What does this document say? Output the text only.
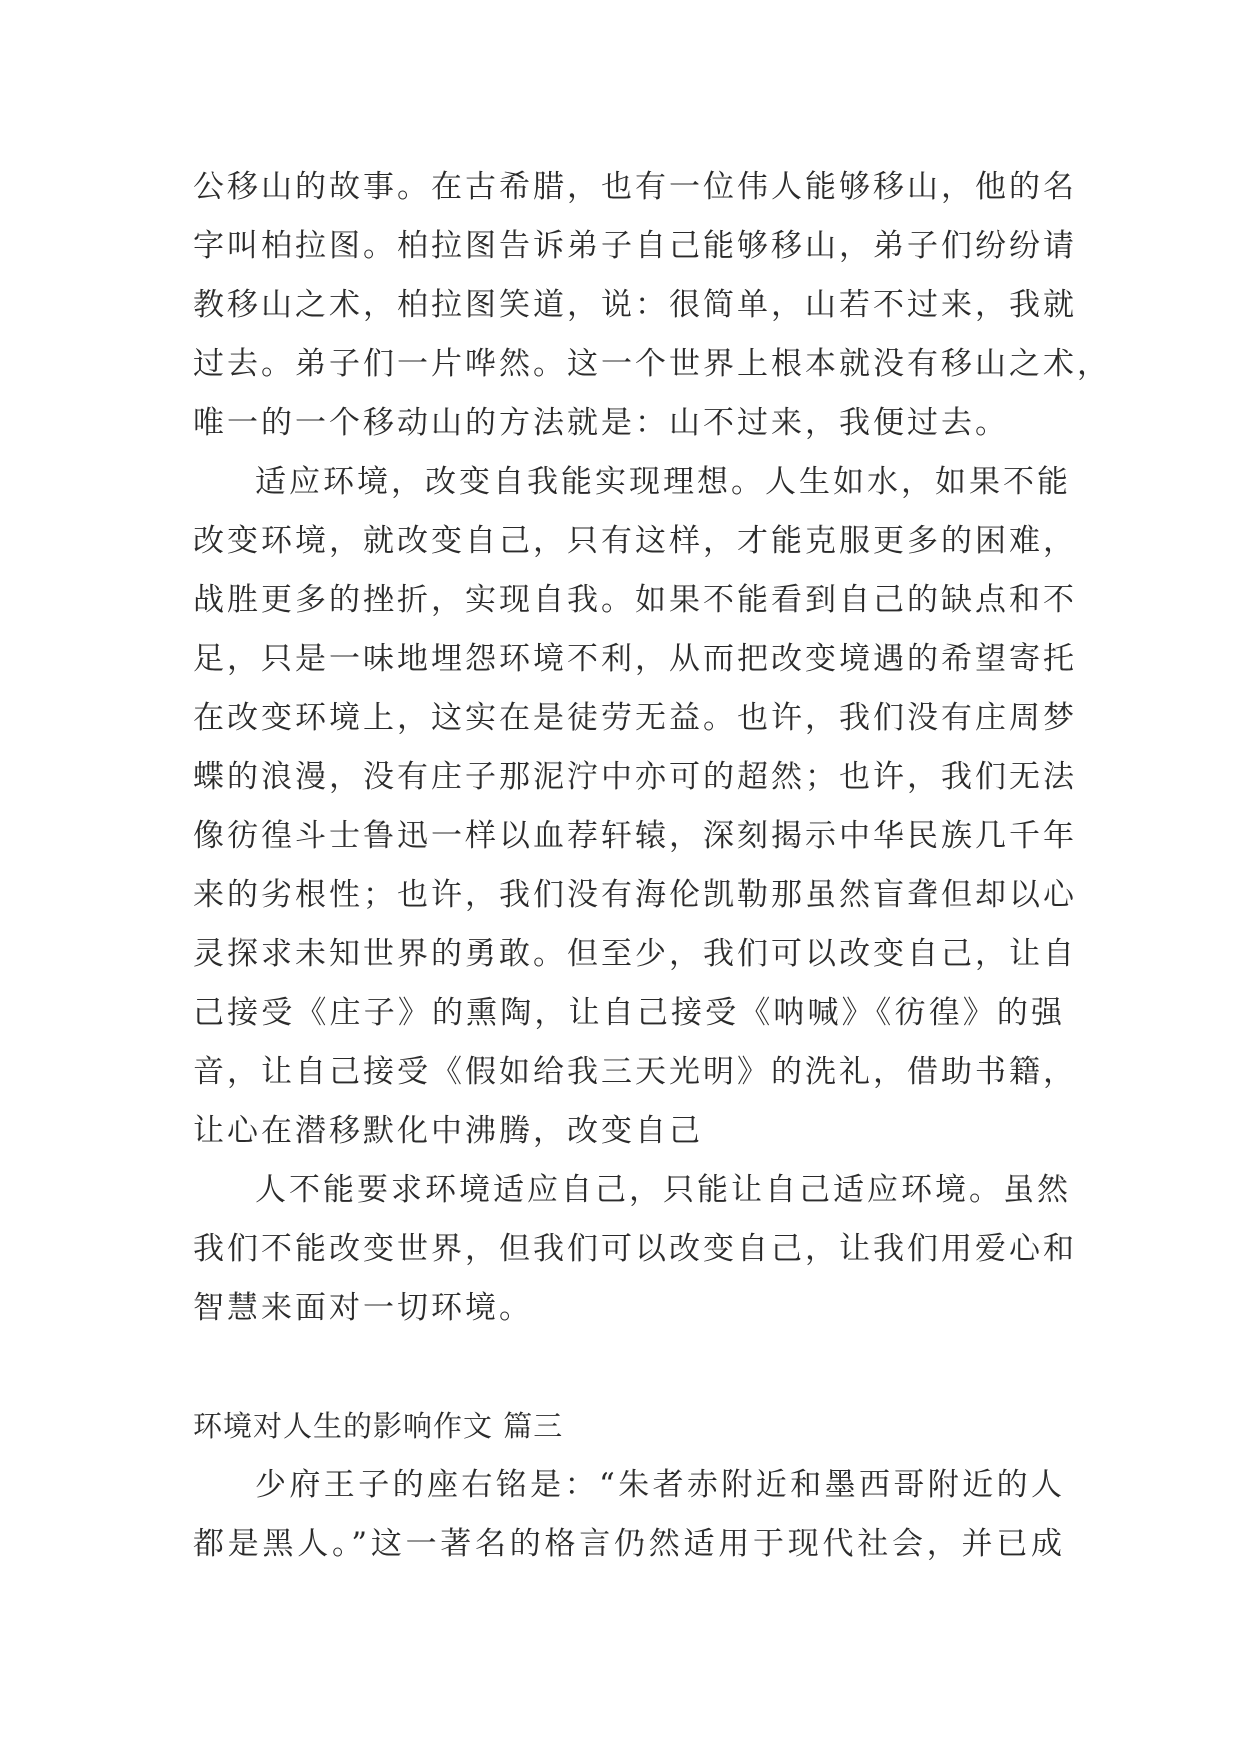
公移山的故事。在古希腊，也有一位伟人能够移山，他的名
字叫柏拉图。柏拉图告诉弟子自己能够移山，弟子们纷纷请
教移山之术，柏拉图笑道，说：很简单，山若不过来，我就
过去。弟子们一片哗然。这一个世界上根本就没有移山之术，
唯一的一个移动山的方法就是：山不过来，我便过去。
适应环境，改变自我能实现理想。人生如水，如果不能
改变环境，就改变自己，只有这样，才能克服更多的困难，
战胜更多的挫折，实现自我。如果不能看到自己的缺点和不
足，只是一味地埋怨环境不利，从而把改变境遇的希望寄托
在改变环境上，这实在是徒劳无益。也许，我们没有庄周梦
蝶的浪漫，没有庄子那泥泞中亦可的超然；也许，我们无法
像彷徨斗士鲁迅一样以血荐轩辕，深刻揭示中华民族几千年
来的劣根性；也许，我们没有海伦凯勒那虽然盲聋但却以心
灵探求未知世界的勇敢。但至少，我们可以改变自己，让自
己接受《庄子》的熏陶，让自己接受《呐喊》《彷徨》的强
音，让自己接受《假如给我三天光明》的洗礼，借助书籍，
让心在潜移默化中沸腾，改变自己
人不能要求环境适应自己，只能让自己适应环境。虽然
我们不能改变世界，但我们可以改变自己，让我们用爱心和
智慧来面对一切环境。
环境对人生的影响作文 篇三
少府王子的座右铭是：“朱者赤附近和墨西哥附近的人
都是黑人。”这一著名的格言仍然适用于现代社会，并已成
